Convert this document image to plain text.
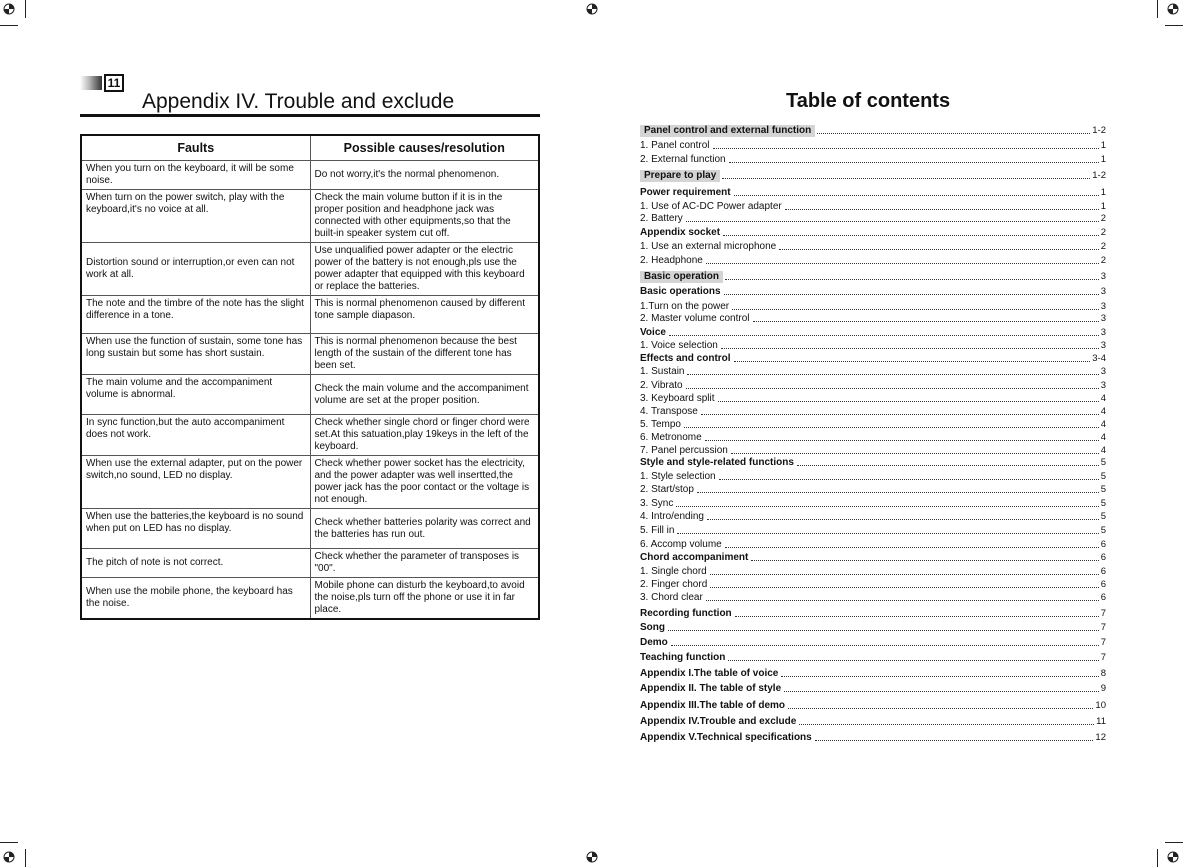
11
Appendix IV. Trouble and exclude
Faults	Possible causes/resolution
When you turn on the keyboard, it will be some noise.	Do not worry,it's the normal phenomenon.
When turn on the power switch, play with the keyboard,it's no voice at all.	Check the main volume button if it is in the proper position and headphone jack was connected with other equipments,so that the built-in speaker system cut off.
Distortion sound or interruption,or even can not work at all.	Use unqualified power adapter or the electric power of the battery is not enough,pls use the power adapter that equipped with this keyboard or replace the batteries.
The note and the timbre of the note has the slight difference in a tone.	This is normal phenomenon caused by different tone sample diapason.
When use the function of sustain, some tone has long sustain but some has short sustain.	This is normal phenomenon because the best length of the sustain of the different tone has been set.
The main volume and the accompaniment volume is abnormal.	Check the main volume and the accompaniment volume are set at the proper position.
In sync function,but the auto accompaniment does not work.	Check whether single chord or finger chord were set.At this satuation,play 19keys in the left of the keyboard.
When use the external adapter, put on the power switch,no sound, LED no display.	Check whether power socket has the electricity, and the power adapter was well insertted,the power jack has the poor contact or the voltage is not enough.
When use the batteries,the keyboard is no sound when put on LED has no display.	Check whether batteries polarity was correct and the batteries has run out.
The pitch of note is not correct.	Check whether the parameter of transposes is "00".
When use the mobile phone, the keyboard has the noise.	Mobile phone can disturb the keyboard,to avoid the noise,pls turn off the phone or use it in far place.
Table of contents
Panel control and external function	1-2
1. Panel control	1
2. External function	1
Prepare to play	1-2
Power requirement	1
1. Use of AC-DC Power adapter	1
2. Battery	2
Appendix socket	2
1. Use an external microphone	2
2. Headphone	2
Basic operation	3
Basic operations	3
1.Turn on the power	3
2. Master volume control	3
Voice	3
1. Voice selection	3
Effects and control	3-4
1. Sustain	3
2. Vibrato	3
3. Keyboard split	4
4. Transpose	4
5. Tempo	4
6. Metronome	4
7. Panel percussion	4
Style and style-related functions	5
1. Style selection	5
2. Start/stop	5
3. Sync	5
4. Intro/ending	5
5. Fill in	5
6. Accomp volume	6
Chord accompaniment	6
1. Single chord	6
2. Finger chord	6
3. Chord clear	6
Recording function	7
Song	7
Demo	7
Teaching function	7
Appendix I.The table of voice	8
Appendix II. The table of style	9
Appendix III.The table of demo	10
Appendix IV.Trouble and exclude	11
Appendix V.Technical specifications	12
